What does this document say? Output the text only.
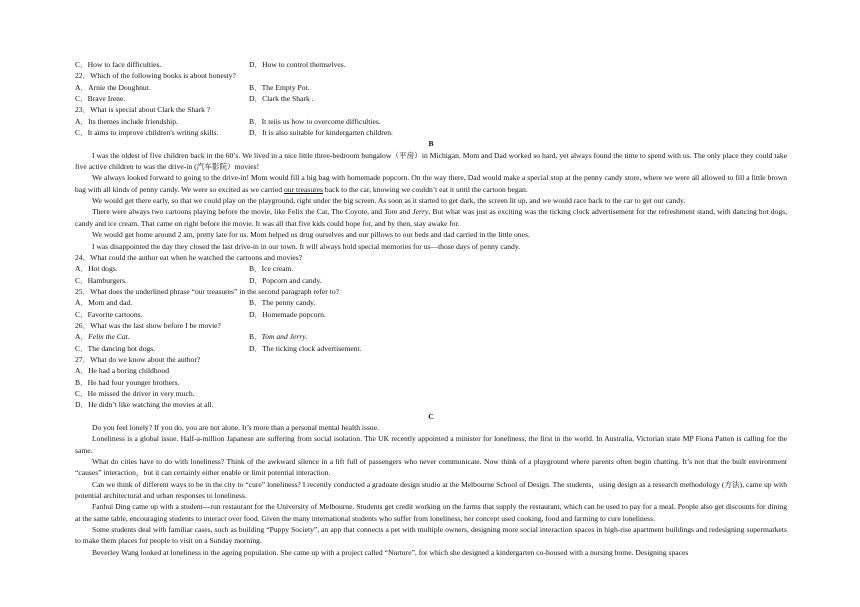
C．How to face difficulties.	D．How to control themselves.
22．Which of the following books is about honesty?
A．Arnie the Doughnut.	B．The Empty Pot.
C．Brave Irene.	D．Clark the Shark .
23．What is special about Clark the Shark ?
A．Its themes include friendship.	B．It teiis us how to overcome difficulties.
C．It aims to improve children's writing skills.	D．It is also suitable for kindergarten children.
B
I was the oldest of five children back in the 60’s. We lived in a nice little three-bedroom bungalow（平房）in Michigan. Mom and Dad worked so hard, yet always found the time to spend with us. The only place they could take five active children to was the drive-in (汽车影院）movies!
We always looked forward to going to the drive-in! Mom would fill a big bag with homemade popcorn. On the way there, Dad would make a special stop at the penny candy store, where we were all allowed to fill a little brown bag with all kinds of penny candy. We were so excited as we carried our treasures back to the car, knowing we couldn’t eat it until the cartoon began.
We would get there early, so that we could play on the playground, right under the big screen. As soon as it started to get dark, the screen lit up, and we would race back to the car to get our candy.
There were always two cartoons playing before the movie, like Felix the Cat, The Coyote, and Tom and Jerry, But what was just as exciting was the ticking clock advertisement for the refreshment stand, with dancing hot dogs, candy and ice cream. That came on right before the movie. It was all that five kids could hope for, and by then, stay awake for.
We would get home around 2 am, pretty late for us. Mom helped us drug ourselves and our pillows to our beds and dad carried in the little ones.
I was disappointed the day they closed the last drive-in in our town. It will always hold special memories for us—those days of penny candy.
24．What could the author eat when he watched the cartoons and movies?
A．Hot dogs.	B．Ice cream.
C．Hamburgers.	D．Popcorn and candy.
25．What does the underlined phrase “our treasures” in the second paragraph refer to?
A．Mom and dad.	B．The penny candy.
C．Favorite cartoons.	D．Homemade popcorn.
26．What was the last show before I be movie?
A．Felix the Cat.	B．Tom and Jerry.
C．The dancing hot dogs.	D．The ticking clock advertisement.
27．What do we know about the author?
A．He had a boring childhood
B．He had four younger brothers.
C．He missed the driver in very much.
D．He didn’t like watching the movies at all.
C
Do you feel lonely? If you do, you are not alone. It’s more than a personal mental health issue.
Loneliness is a global issue. Half-a-million Japanese are suffering from social isolation. The UK recently appointed a minister for loneliness, the first in the world. In Australia, Victorian state MP Fiona Patten is calling for the same.
What do cities have to do with loneliness? Think of the awkward silence in a lift full of passengers who never communicate. Now think of a playground where parents often begin chatting. It’s not that the built environment “causes” interaction，but it can certainly either enable or limit potential interaction.
Can we think of different ways to be in the city to “cure” loneliness? I recently conducted a graduate design studio at the Melbourne School of Design. The students，using design as a research methodology (方法), came up with potential architectural and urban responses to loneliness.
Fanhui Ding came up with a student---run restaurant for the University of Melbourne. Students get credit working on the farms that supply the restaurant, which can be used to pay for a meal. People also get discounts for dining at the same table, encouraging students to interact over food. Given the many international students who suffer from loneliness, her concept used cooking, food and farming to cure loneliness.
Some students deal with familiar cases, such as building “Puppy Society”, an app that connects a pet with multiple owners, designing more social interaction spaces in high-rise apartment buildings and redesigning supermarkets to make them places for people to visit on a Sunday morning.
Beverley Wang looked at loneliness in the ageing population. She came up with a project called “Nurture”, for which she designed a kindergarten co-housed with a nursing home. Designing spaces
